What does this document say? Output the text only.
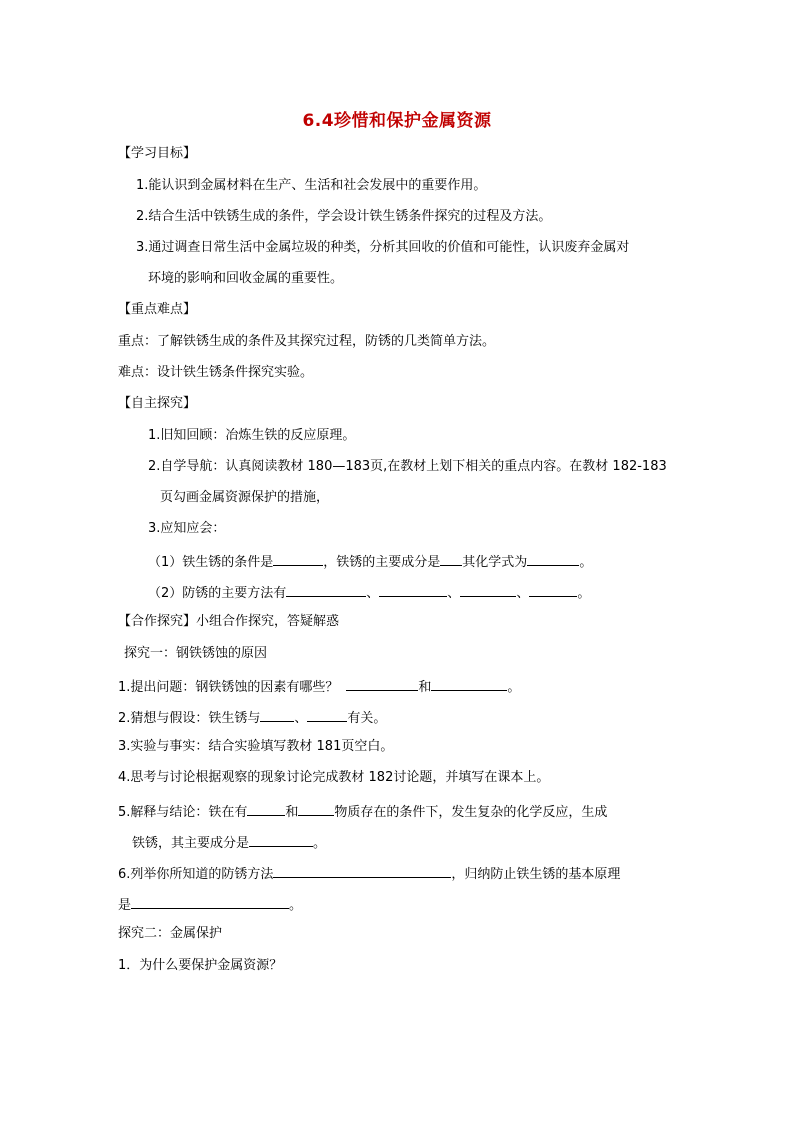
6.4珍惜和保护金属资源
【学习目标】
1.能认识到金属材料在生产、生活和社会发展中的重要作用。
2.结合生活中铁锈生成的条件，学会设计铁生锈条件探究的过程及方法。
3.通过调查日常生活中金属垃圾的种类，分析其回收的价值和可能性，认识废弃金属对
环境的影响和回收金属的重要性。
【重点难点】
重点：了解铁锈生成的条件及其探究过程，防锈的几类简单方法。
难点：设计铁生锈条件探究实验。
【自主探究】
1.旧知回顾：冶炼生铁的反应原理。
2.自学导航：认真阅读教材 180—183页,在教材上划下相关的重点内容。在教材 182-183
页勾画金属资源保护的措施，
3.应知应会：
（1）铁生锈的条件是	，铁锈的主要成分是 其化学式为	。
（2）防锈的主要方法有	、	、	、	。
【合作探究】小组合作探究，答疑解惑
探究一：钢铁锈蚀的原因
1.提出问题：钢铁锈蚀的因素有哪些？	和	。
2.猜想与假设：铁生锈与	、	有关。
3.实验与事实：结合实验填写教材 181页空白。
4.思考与讨论根据观察的现象讨论完成教材 182讨论题，并填写在课本上。
5.解释与结论：铁在有	和	物质存在的条件下，发生复杂的化学反应，生成
铁锈，其主要成分是	。
6.列举你所知道的防锈方法	，归纳防止铁生锈的基本原理
是	。
探究二：金属保护
1．为什么要保护金属资源？
